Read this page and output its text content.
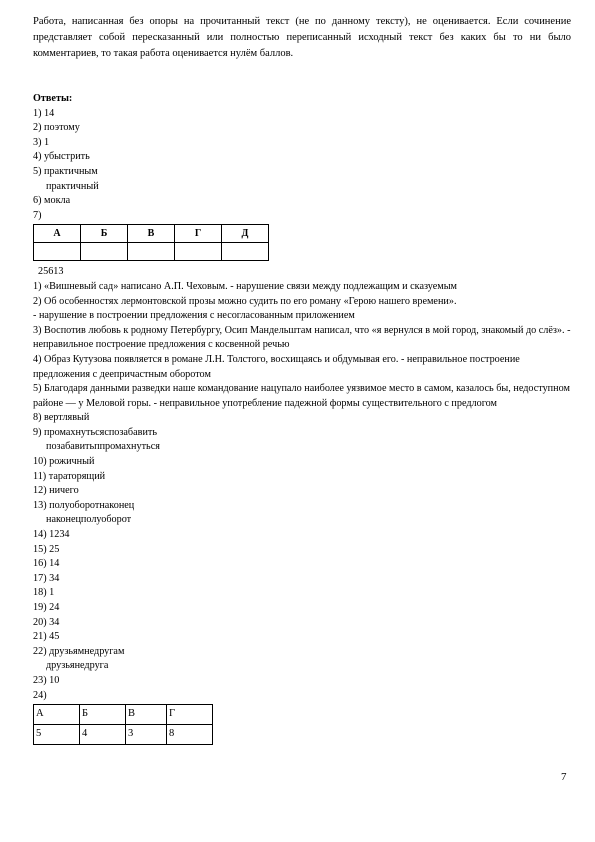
Работа, написанная без опоры на прочитанный текст (не по данному тексту), не оценивается. Если сочинение представляет собой пересказанный или полностью переписанный исходный текст без каких бы то ни было комментариев, то такая работа оценивается нулём баллов.

Ответы:
1) 14
2) поэтому
3) 1
4) убыстрить
5) практичным
практичный
6) мокла
7)
А	Б	В	Г	Д

25613
1) «Вишневый сад» написано А.П. Чеховым. - нарушение связи между подлежащим и сказуемым
2) Об особенностях лермонтовской прозы можно судить по его роману «Герою нашего времени».
- нарушение в построении предложения с несогласованным приложением
3) Воспотив любовь к родному Петербургу, Осип Мандельштам написал, что «я вернулся в мой город, знакомый до слёз». - неправильное построение предложения с косвенной речью
4) Образ Кутузова появляется в романе Л.Н. Толстого, восхищаясь и обдумывая его. - неправильное построение предложения с деепричастным оборотом
5) Благодаря данными разведки наше командование нацупало наиболее уязвимое место в самом, казалось бы, недоступном районе — у Меловой горы. - неправильное употребление падежной формы существительного с предлогом
8) вертлявый
9) промахнутьсяспозабавить
позабавитьппромахнуться
10) рожичный
11) тараторящий
12) ничего
13) полуоборотнаконец
наконецполуоборот
14) 1234
15) 25
16) 14
17) 34
18) 1
19) 24
20) 34
21) 45
22) друзьямнедругам
друзьянедруга
23) 10
24)
А	Б	В	Г
5	4	3	8
7
